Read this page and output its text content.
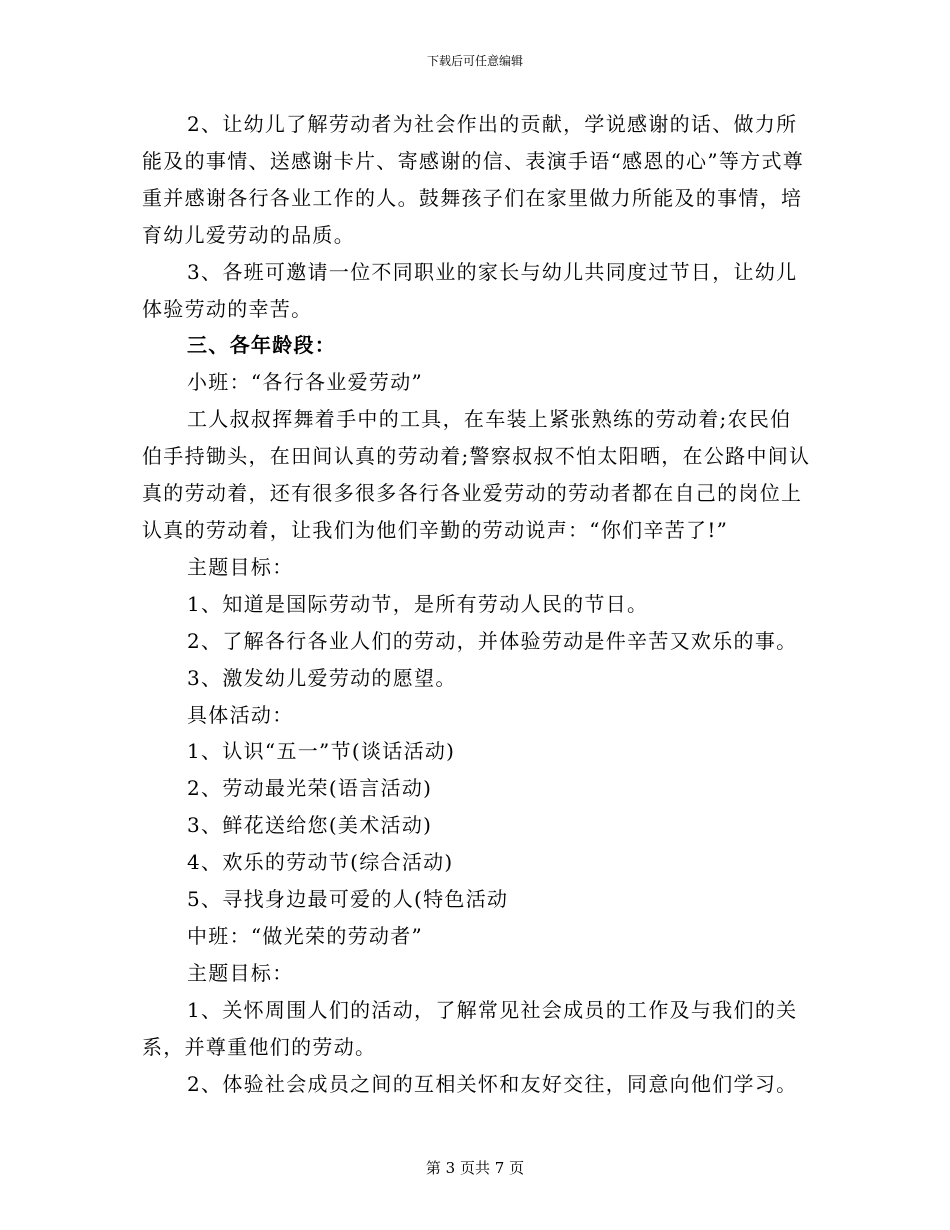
下载后可任意编辑

2、让幼儿了解劳动者为社会作出的贡献，学说感谢的话、做力所能及的事情、送感谢卡片、寄感谢的信、表演手语“感恩的心”等方式尊重并感谢各行各业工作的人。鼓舞孩子们在家里做力所能及的事情，培育幼儿爱劳动的品质。

3、各班可邀请一位不同职业的家长与幼儿共同度过节日，让幼儿体验劳动的幸苦。

三、各年龄段：

小班：“各行各业爱劳动”

工人叔叔挥舞着手中的工具，在车装上紧张熟练的劳动着;农民伯伯手持锄头，在田间认真的劳动着;警察叔叔不怕太阳晒，在公路中间认真的劳动着，还有很多很多各行各业爱劳动的劳动者都在自己的岗位上认真的劳动着，让我们为他们辛勤的劳动说声：“你们辛苦了!”

主题目标：

1、知道是国际劳动节，是所有劳动人民的节日。

2、了解各行各业人们的劳动，并体验劳动是件辛苦又欢乐的事。

3、激发幼儿爱劳动的愿望。

具体活动：

1、认识“五一”节(谈话活动)

2、劳动最光荣(语言活动)

3、鲜花送给您(美术活动)

4、欢乐的劳动节(综合活动)

5、寻找身边最可爱的人(特色活动

中班：“做光荣的劳动者”

主题目标：

1、关怀周围人们的活动，了解常见社会成员的工作及与我们的关系，并尊重他们的劳动。

2、体验社会成员之间的互相关怀和友好交往，同意向他们学习。

第 3 页共 7 页
